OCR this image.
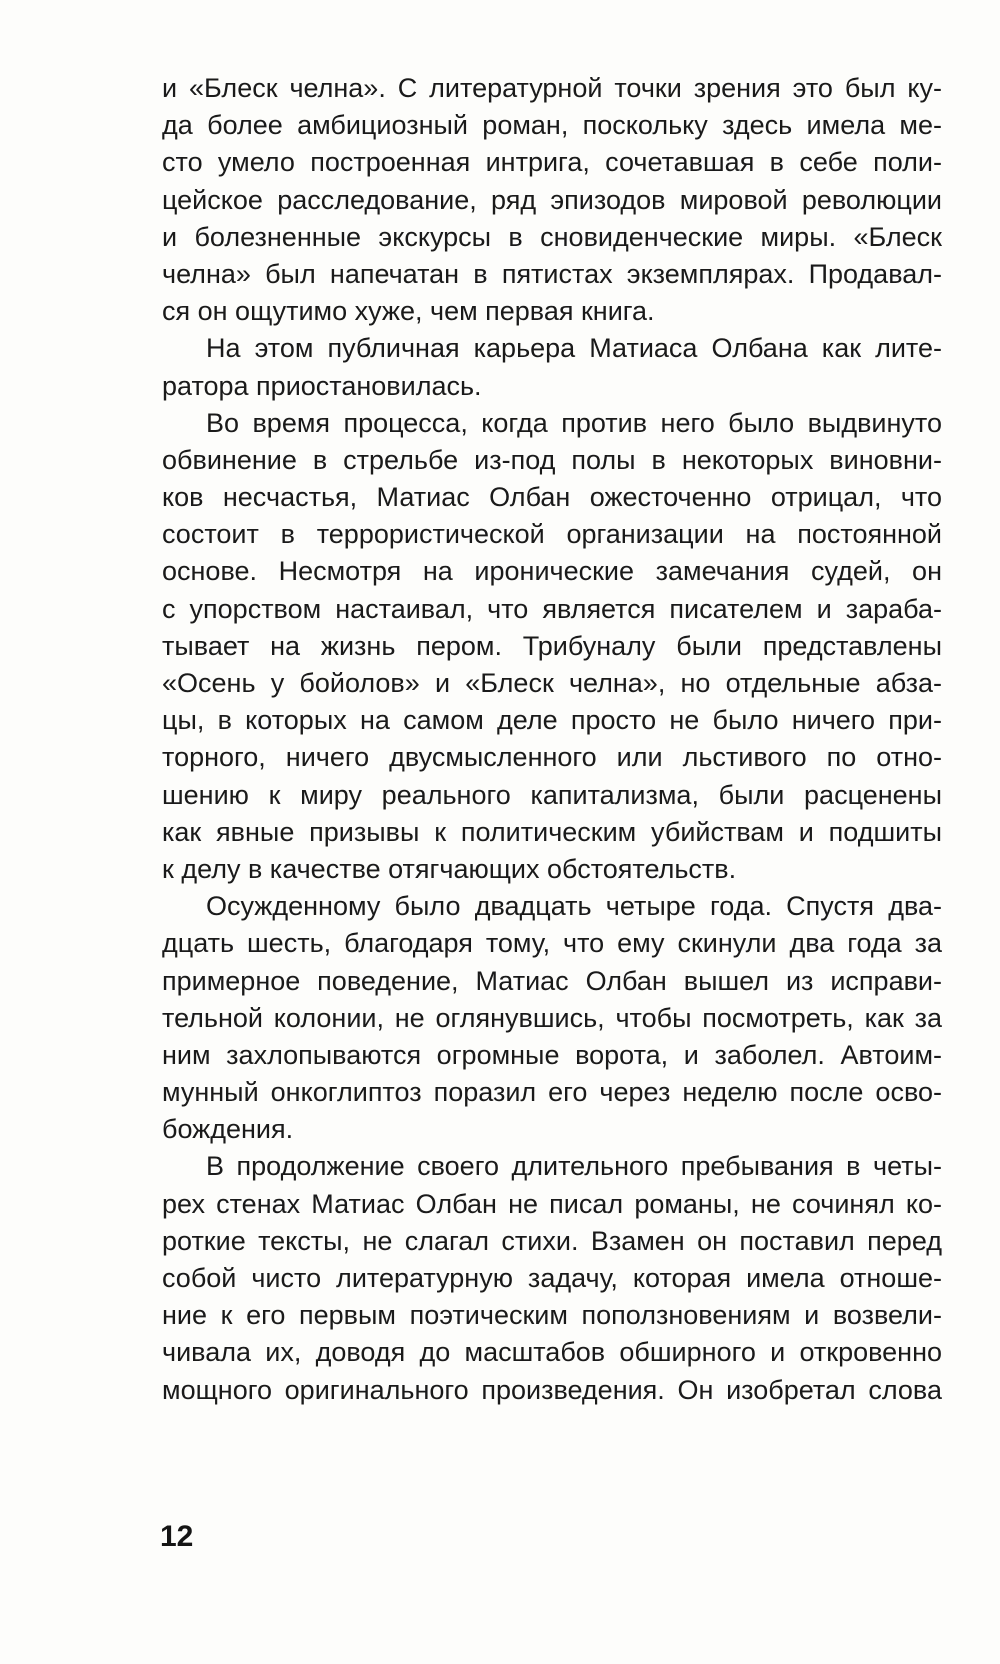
и «Блеск челна». С литературной точки зрения это был ку-
да более амбициозный роман, поскольку здесь имела ме-
сто умело построенная интрига, сочетавшая в себе поли-
цейское расследование, ряд эпизодов мировой революции
и болезненные экскурсы в сновиденческие миры. «Блеск
челна» был напечатан в пятистах экземплярах. Продавал-
ся он ощутимо хуже, чем первая книга.
На этом публичная карьера Матиаса Олбана как лите-
ратора приостановилась.
Во время процесса, когда против него было выдвинуто
обвинение в стрельбе из-под полы в некоторых виновни-
ков несчастья, Матиас Олбан ожесточенно отрицал, что
состоит в террористической организации на постоянной
основе. Несмотря на иронические замечания судей, он
с упорством настаивал, что является писателем и зараба-
тывает на жизнь пером. Трибуналу были представлены
«Осень у бойолов» и «Блеск челна», но отдельные абза-
цы, в которых на самом деле просто не было ничего при-
торного, ничего двусмысленного или льстивого по отно-
шению к миру реального капитализма, были расценены
как явные призывы к политическим убийствам и подшиты
к делу в качестве отягчающих обстоятельств.
Осужденному было двадцать четыре года. Спустя два-
дцать шесть, благодаря тому, что ему скинули два года за
примерное поведение, Матиас Олбан вышел из исправи-
тельной колонии, не оглянувшись, чтобы посмотреть, как за
ним захлопываются огромные ворота, и заболел. Автоим-
мунный онкоглиптоз поразил его через неделю после осво-
бождения.
В продолжение своего длительного пребывания в четы-
рех стенах Матиас Олбан не писал романы, не сочинял ко-
роткие тексты, не слагал стихи. Взамен он поставил перед
собой чисто литературную задачу, которая имела отноше-
ние к его первым поэтическим поползновениям и возвели-
чивала их, доводя до масштабов обширного и откровенно
мощного оригинального произведения. Он изобретал слова
12
